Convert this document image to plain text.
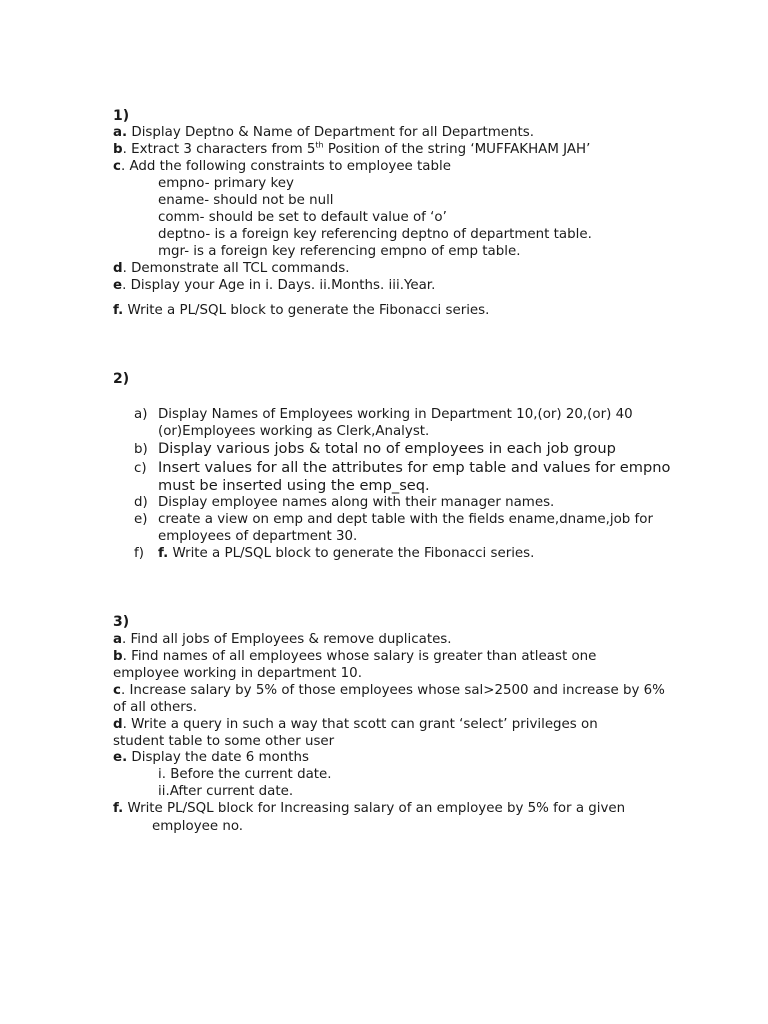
1)
a. Display Deptno & Name of Department for all Departments.
b. Extract 3 characters from 5th Position of the string ‘MUFFAKHAM JAH’
c. Add the following constraints to employee table
empno- primary key
ename- should not be null
comm- should be set to default value of ‘o’
deptno- is a foreign key referencing deptno of department table.
mgr- is a foreign key referencing empno of emp table.
d. Demonstrate all TCL commands.
e. Display your Age in i. Days. ii.Months. iii.Year.
f. Write a PL/SQL block to generate the Fibonacci series.
2)
a) Display Names of Employees working in Department 10,(or) 20,(or) 40
(or)Employees working as Clerk,Analyst.
b) Display various jobs & total no of employees in each job group
c) Insert values for all the attributes for emp table and values for empno
must be inserted using the emp_seq.
d) Display employee names along with their manager names.
e) create a view on emp and dept table with the fields ename,dname,job for
employees of department 30.
f) f. Write a PL/SQL block to generate the Fibonacci series.
3)
a. Find all jobs of Employees & remove duplicates.
b. Find names of all employees whose salary is greater than atleast one
employee working in department 10.
c. Increase salary by 5% of those employees whose sal>2500 and increase by 6%
of all others.
d. Write a query in such a way that scott can grant ‘select’ privileges on
student table to some other user
e. Display the date 6 months
i. Before the current date.
ii.After current date.
f. Write PL/SQL block for Increasing salary of an employee by 5% for a given
employee no.
